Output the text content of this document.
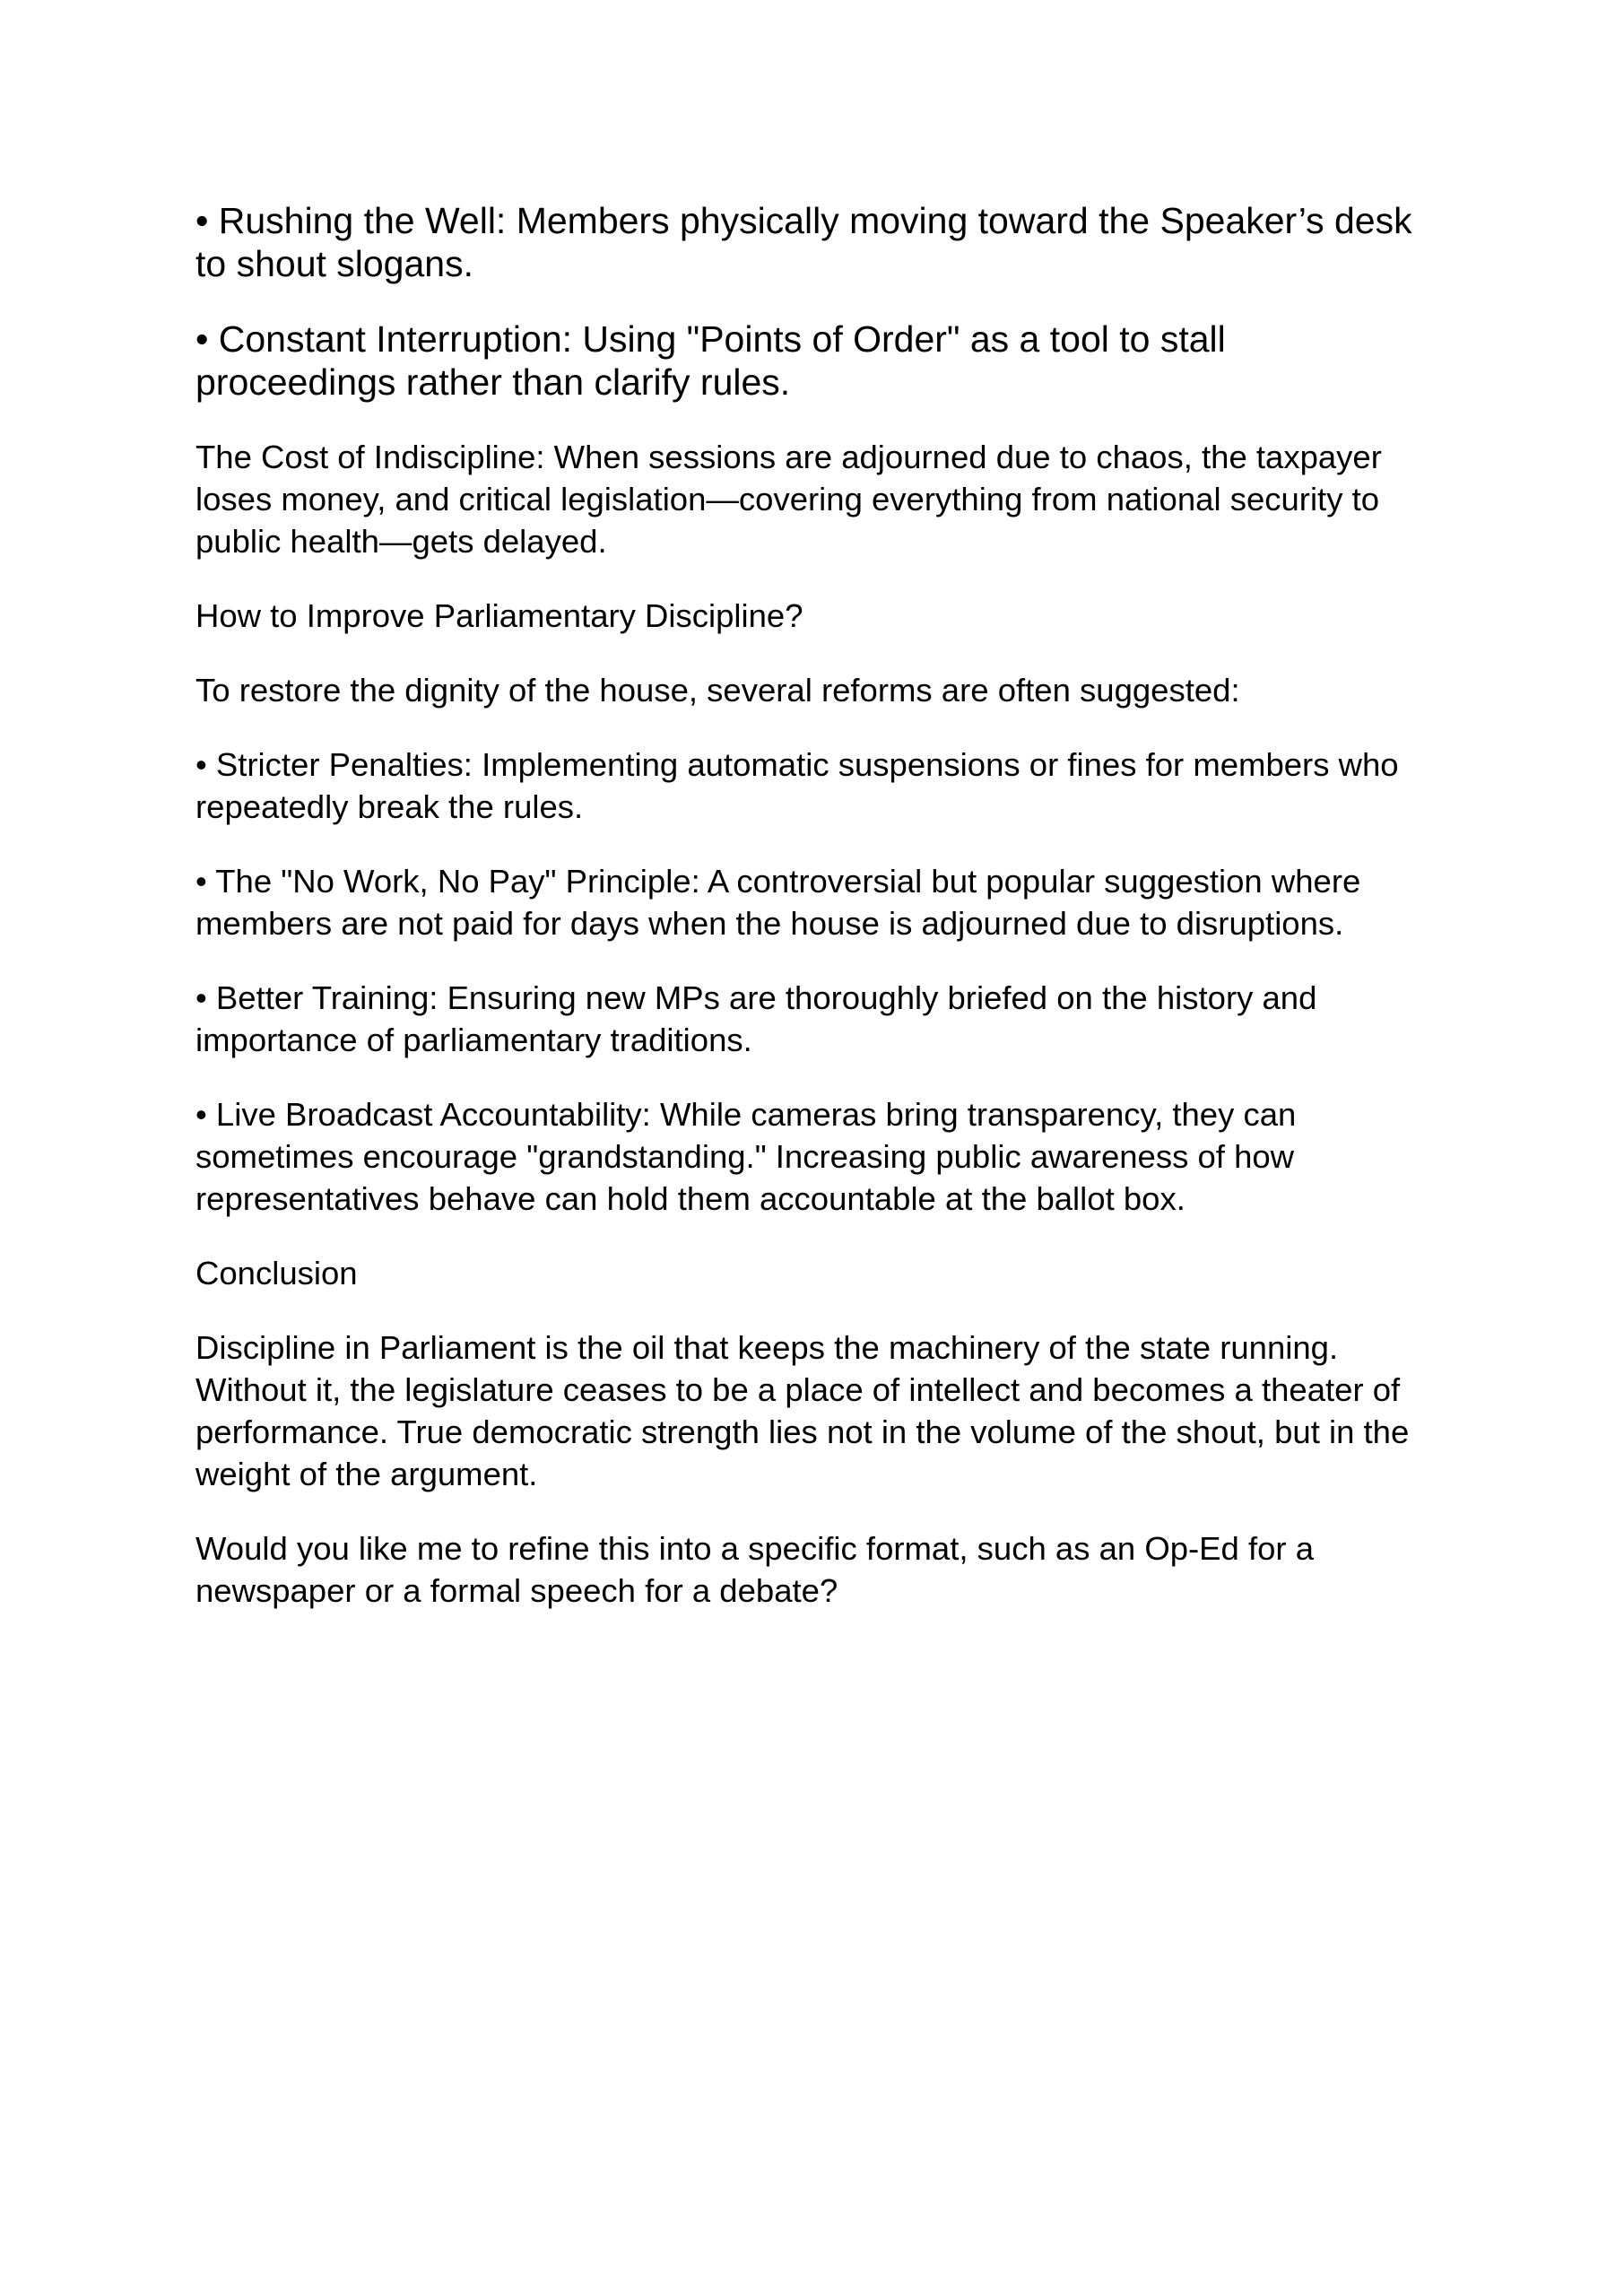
• Rushing the Well: Members physically moving toward the Speaker’s desk
to shout slogans.

• Constant Interruption: Using "Points of Order" as a tool to stall
proceedings rather than clarify rules.

The Cost of Indiscipline: When sessions are adjourned due to chaos, the taxpayer
loses money, and critical legislation—covering everything from national security to
public health—gets delayed.

How to Improve Parliamentary Discipline?

To restore the dignity of the house, several reforms are often suggested:

• Stricter Penalties: Implementing automatic suspensions or fines for members who
repeatedly break the rules.

• The "No Work, No Pay" Principle: A controversial but popular suggestion where
members are not paid for days when the house is adjourned due to disruptions.

• Better Training: Ensuring new MPs are thoroughly briefed on the history and
importance of parliamentary traditions.

• Live Broadcast Accountability: While cameras bring transparency, they can
sometimes encourage "grandstanding." Increasing public awareness of how
representatives behave can hold them accountable at the ballot box.

Conclusion

Discipline in Parliament is the oil that keeps the machinery of the state running.
Without it, the legislature ceases to be a place of intellect and becomes a theater of
performance. True democratic strength lies not in the volume of the shout, but in the
weight of the argument.

Would you like me to refine this into a specific format, such as an Op-Ed for a
newspaper or a formal speech for a debate?
